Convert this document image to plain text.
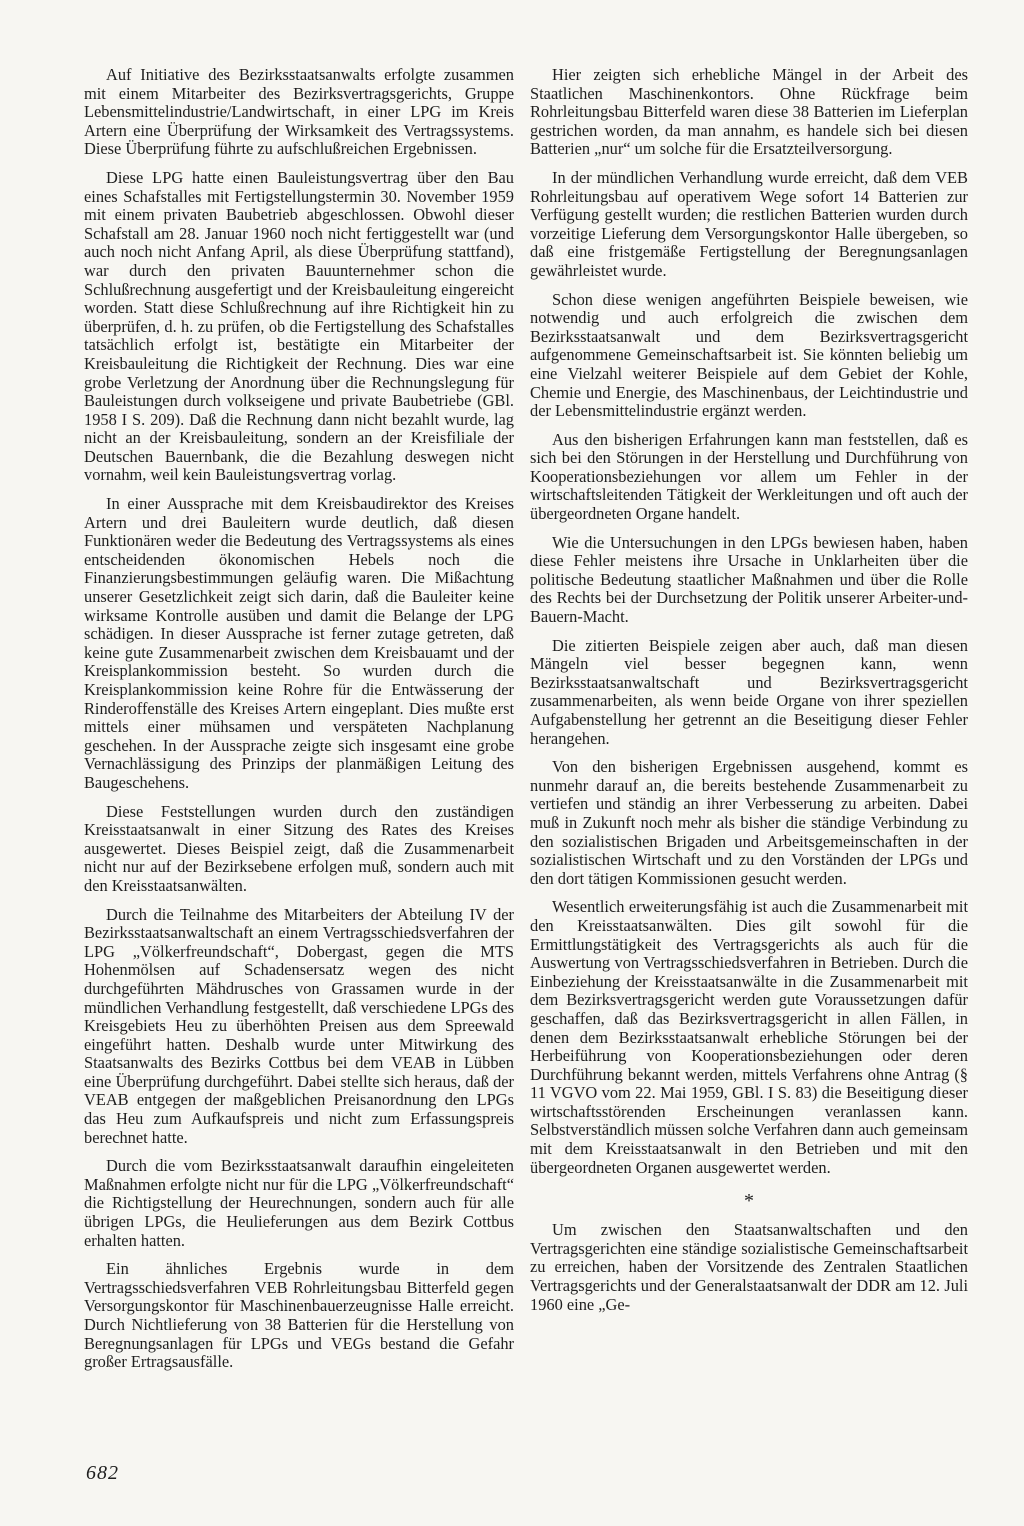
Auf Initiative des Bezirksstaatsanwalts erfolgte zusammen mit einem Mitarbeiter des Bezirksvertragsgerichts, Gruppe Lebensmittelindustrie/Landwirtschaft, in einer LPG im Kreis Artern eine Überprüfung der Wirksamkeit des Vertragssystems. Diese Überprüfung führte zu aufschlußreichen Ergebnissen.

Diese LPG hatte einen Bauleistungsvertrag über den Bau eines Schafstalles mit Fertigstellungstermin 30. November 1959 mit einem privaten Baubetrieb abgeschlossen. Obwohl dieser Schafstall am 28. Januar 1960 noch nicht fertiggestellt war (und auch noch nicht Anfang April, als diese Überprüfung stattfand), war durch den privaten Bauunternehmer schon die Schlußrechnung ausgefertigt und der Kreisbauleitung eingereicht worden. Statt diese Schlußrechnung auf ihre Richtigkeit hin zu überprüfen, d. h. zu prüfen, ob die Fertigstellung des Schafstalles tatsächlich erfolgt ist, bestätigte ein Mitarbeiter der Kreisbauleitung die Richtigkeit der Rechnung. Dies war eine grobe Verletzung der Anordnung über die Rechnungslegung für Bauleistungen durch volkseigene und private Baubetriebe (GBl. 1958 I S. 209). Daß die Rechnung dann nicht bezahlt wurde, lag nicht an der Kreisbauleitung, sondern an der Kreisfiliale der Deutschen Bauernbank, die die Bezahlung deswegen nicht vornahm, weil kein Bauleistungsvertrag vorlag.

In einer Aussprache mit dem Kreisbaudirektor des Kreises Artern und drei Bauleitern wurde deutlich, daß diesen Funktionären weder die Bedeutung des Vertragssystems als eines entscheidenden ökonomischen Hebels noch die Finanzierungsbestimmungen geläufig waren. Die Mißachtung unserer Gesetzlichkeit zeigt sich darin, daß die Bauleiter keine wirksame Kontrolle ausüben und damit die Belange der LPG schädigen. In dieser Aussprache ist ferner zutage getreten, daß keine gute Zusammenarbeit zwischen dem Kreisbauamt und der Kreisplankommission besteht. So wurden durch die Kreisplankommission keine Rohre für die Entwässerung der Rinderoffenställe des Kreises Artern eingeplant. Dies mußte erst mittels einer mühsamen und verspäteten Nachplanung geschehen. In der Aussprache zeigte sich insgesamt eine grobe Vernachlässigung des Prinzips der planmäßigen Leitung des Baugeschehens.

Diese Feststellungen wurden durch den zuständigen Kreisstaatsanwalt in einer Sitzung des Rates des Kreises ausgewertet. Dieses Beispiel zeigt, daß die Zusammenarbeit nicht nur auf der Bezirksebene erfolgen muß, sondern auch mit den Kreisstaatsanwälten.

Durch die Teilnahme des Mitarbeiters der Abteilung IV der Bezirksstaatsanwaltschaft an einem Vertragsschiedsverfahren der LPG „Völkerfreundschaft“, Dobergast, gegen die MTS Hohenmölsen auf Schadensersatz wegen des nicht durchgeführten Mähdrusches von Grassamen wurde in der mündlichen Verhandlung festgestellt, daß verschiedene LPGs des Kreisgebiets Heu zu überhöhten Preisen aus dem Spreewald eingeführt hatten. Deshalb wurde unter Mitwirkung des Staatsanwalts des Bezirks Cottbus bei dem VEAB in Lübben eine Überprüfung durchgeführt. Dabei stellte sich heraus, daß der VEAB entgegen der maßgeblichen Preisanordnung den LPGs das Heu zum Aufkaufspreis und nicht zum Erfassungspreis berechnet hatte.

Durch die vom Bezirksstaatsanwalt daraufhin eingeleiteten Maßnahmen erfolgte nicht nur für die LPG „Völkerfreundschaft“ die Richtigstellung der Heurechnungen, sondern auch für alle übrigen LPGs, die Heulieferungen aus dem Bezirk Cottbus erhalten hatten.

Ein ähnliches Ergebnis wurde in dem Vertragsschiedsverfahren VEB Rohrleitungsbau Bitterfeld gegen Versorgungskontor für Maschinenbauerzeugnisse Halle erreicht. Durch Nichtlieferung von 38 Batterien für die Herstellung von Beregnungsanlagen für LPGs und VEGs bestand die Gefahr großer Ertragsausfälle.

Hier zeigten sich erhebliche Mängel in der Arbeit des Staatlichen Maschinenkontors. Ohne Rückfrage beim Rohrleitungsbau Bitterfeld waren diese 38 Batterien im Lieferplan gestrichen worden, da man annahm, es handele sich bei diesen Batterien „nur“ um solche für die Ersatzteilversorgung.

In der mündlichen Verhandlung wurde erreicht, daß dem VEB Rohrleitungsbau auf operativem Wege sofort 14 Batterien zur Verfügung gestellt wurden; die restlichen Batterien wurden durch vorzeitige Lieferung dem Versorgungskontor Halle übergeben, so daß eine fristgemäße Fertigstellung der Beregnungsanlagen gewährleistet wurde.

Schon diese wenigen angeführten Beispiele beweisen, wie notwendig und auch erfolgreich die zwischen dem Bezirksstaatsanwalt und dem Bezirksvertragsgericht aufgenommene Gemeinschaftsarbeit ist. Sie könnten beliebig um eine Vielzahl weiterer Beispiele auf dem Gebiet der Kohle, Chemie und Energie, des Maschinenbaus, der Leichtindustrie und der Lebensmittelindustrie ergänzt werden.

Aus den bisherigen Erfahrungen kann man feststellen, daß es sich bei den Störungen in der Herstellung und Durchführung von Kooperationsbeziehungen vor allem um Fehler in der wirtschaftsleitenden Tätigkeit der Werkleitungen und oft auch der übergeordneten Organe handelt.

Wie die Untersuchungen in den LPGs bewiesen haben, haben diese Fehler meistens ihre Ursache in Unklarheiten über die politische Bedeutung staatlicher Maßnahmen und über die Rolle des Rechts bei der Durchsetzung der Politik unserer Arbeiter-und-Bauern-Macht.

Die zitierten Beispiele zeigen aber auch, daß man diesen Mängeln viel besser begegnen kann, wenn Bezirksstaatsanwaltschaft und Bezirksvertragsgericht zusammenarbeiten, als wenn beide Organe von ihrer speziellen Aufgabenstellung her getrennt an die Beseitigung dieser Fehler herangehen.

Von den bisherigen Ergebnissen ausgehend, kommt es nunmehr darauf an, die bereits bestehende Zusammenarbeit zu vertiefen und ständig an ihrer Verbesserung zu arbeiten. Dabei muß in Zukunft noch mehr als bisher die ständige Verbindung zu den sozialistischen Brigaden und Arbeitsgemeinschaften in der sozialistischen Wirtschaft und zu den Vorständen der LPGs und den dort tätigen Kommissionen gesucht werden.

Wesentlich erweiterungsfähig ist auch die Zusammenarbeit mit den Kreisstaatsanwälten. Dies gilt sowohl für die Ermittlungstätigkeit des Vertragsgerichts als auch für die Auswertung von Vertragsschiedsverfahren in Betrieben. Durch die Einbeziehung der Kreisstaatsanwälte in die Zusammenarbeit mit dem Bezirksvertragsgericht werden gute Voraussetzungen dafür geschaffen, daß das Bezirksvertragsgericht in allen Fällen, in denen dem Bezirksstaatsanwalt erhebliche Störungen bei der Herbeiführung von Kooperationsbeziehungen oder deren Durchführung bekannt werden, mittels Verfahrens ohne Antrag (§ 11 VGVO vom 22. Mai 1959, GBl. I S. 83) die Beseitigung dieser wirtschaftsstörenden Erscheinungen veranlassen kann. Selbstverständlich müssen solche Verfahren dann auch gemeinsam mit dem Kreisstaatsanwalt in den Betrieben und mit den übergeordneten Organen ausgewertet werden.

*

Um zwischen den Staatsanwaltschaften und den Vertragsgerichten eine ständige sozialistische Gemeinschaftsarbeit zu erreichen, haben der Vorsitzende des Zentralen Staatlichen Vertragsgerichts und der Generalstaatsanwalt der DDR am 12. Juli 1960 eine „Ge-

682
